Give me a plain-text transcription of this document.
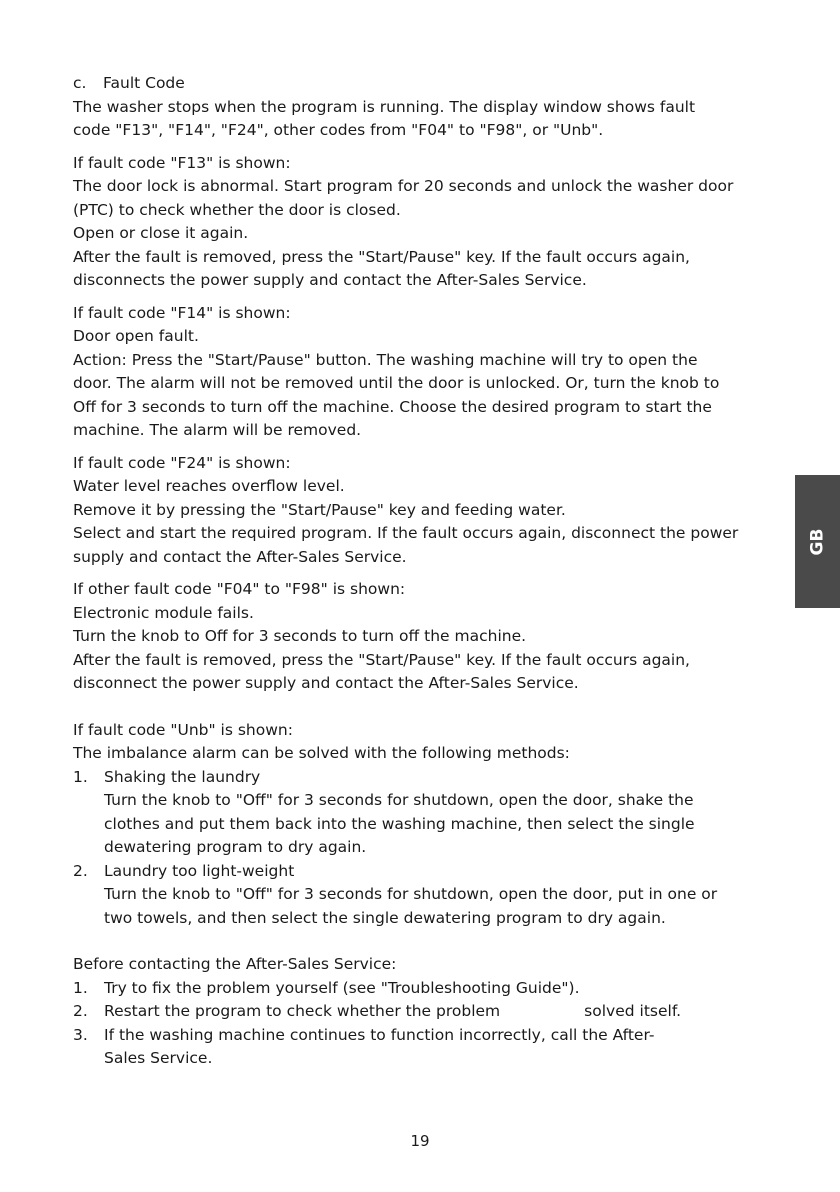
c. Fault Code
The washer stops when the program is running. The display window shows fault
code "F13", "F14", "F24", other codes from "F04" to "F98", or "Unb".
If fault code "F13" is shown:
The door lock is abnormal. Start program for 20 seconds and unlock the washer door
(PTC) to check whether the door is closed.
Open or close it again.
After the fault is removed, press the "Start/Pause" key. If the fault occurs again,
disconnects the power supply and contact the After-Sales Service.
If fault code "F14" is shown:
Door open fault.
Action: Press the "Start/Pause" button. The washing machine will try to open the
door. The alarm will not be removed until the door is unlocked. Or, turn the knob to
Off for 3 seconds to turn off the machine. Choose the desired program to start the
machine. The alarm will be removed.
If fault code "F24" is shown:
Water level reaches overflow level.
Remove it by pressing the "Start/Pause" key and feeding water.
Select and start the required program. If the fault occurs again, disconnect the power
supply and contact the After-Sales Service.
If other fault code "F04" to "F98" is shown:
Electronic module fails.
Turn the knob to Off for 3 seconds to turn off the machine.
After the fault is removed, press the "Start/Pause" key. If the fault occurs again,
disconnect the power supply and contact the After-Sales Service.
If fault code "Unb" is shown:
The imbalance alarm can be solved with the following methods:
1.	Shaking the laundry
Turn the knob to "Off" for 3 seconds for shutdown, open the door, shake the
clothes and put them back into the washing machine, then select the single
dewatering program to dry again.
2.	Laundry too light-weight
Turn the knob to "Off" for 3 seconds for shutdown, open the door, put in one or
two towels, and then select the single dewatering program to dry again.
Before contacting the After-Sales Service:
1.	Try to fix the problem yourself (see "Troubleshooting Guide").
2.	Restart the program to check whether the problem	solved itself.
3.	If the washing machine continues to function incorrectly, call the After-
Sales Service.
GB
19
